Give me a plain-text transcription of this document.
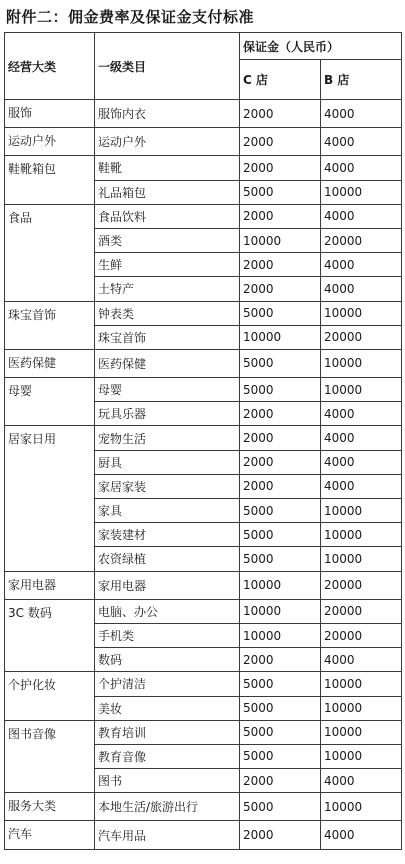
附件二：佣金费率及保证金支付标准
经营大类	一级类目	保证金（人民币）	
		C 店	B 店
服饰	服饰内衣	2000	4000
运动户外	运动户外	2000	4000
鞋靴箱包	鞋靴	2000	4000
	礼品箱包	5000	10000
食品	食品饮料	2000	4000
	酒类	10000	20000
	生鲜	2000	4000
	土特产	2000	4000
珠宝首饰	钟表类	5000	10000
	珠宝首饰	10000	20000
医药保健	医药保健	5000	10000
母婴	母婴	5000	10000
	玩具乐器	2000	4000
居家日用	宠物生活	2000	4000
	厨具	2000	4000
	家居家装	2000	4000
	家具	5000	10000
	家装建材	5000	10000
	农资绿植	5000	10000
家用电器	家用电器	10000	20000
3C 数码	电脑、办公	10000	20000
	手机类	10000	20000
	数码	2000	4000
个护化妆	个护清洁	5000	10000
	美妆	5000	10000
图书音像	教育培训	5000	10000
	教育音像	5000	10000
	图书	2000	4000
服务大类	本地生活/旅游出行	5000	10000
汽车	汽车用品	2000	4000
